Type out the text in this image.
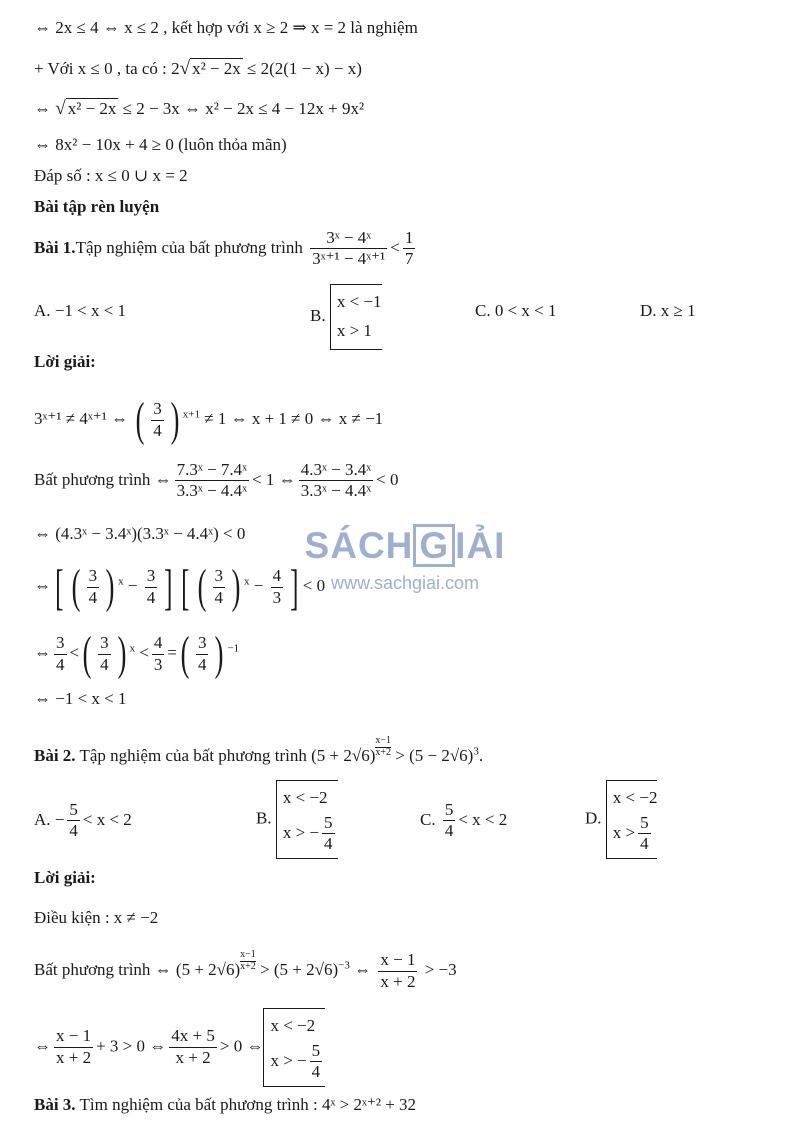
⇔ 2x ≤ 4 ⇔ x ≤ 2 , kết hợp với x ≥ 2 ⇒ x = 2 là nghiệm
+ Với x ≤ 0 , ta có : 2√ x² − 2x ≤ 2(2(1 − x) − x)
⇔ √ x² − 2x ≤ 2 − 3x ⇔ x² − 2x ≤ 4 − 12x + 9x²
⇔ 8x² − 10x + 4 ≥ 0 (luôn thỏa mãn)
Đáp số : x ≤ 0 ∪ x = 2
Bài tập rèn luyện
Bài 1.Tập nghiệm của bất phương trình $\frac{\text{3ˣ − 4ˣ}}{\text{3ˣ⁺¹ − 4ˣ⁺¹}} < \frac{1}{7}$
A. −1 < x < 1	B.
x < −1
x > 1
C. 0 < x < 1	D. x ≥ 1
Lời giải:
3ˣ⁺¹ ≠ 4ˣ⁺¹ ⇔ ( $\frac{3}{4}$ ) $^{x+1}$ ≠ 1 ⇔ x + 1 ≠ 0 ⇔ x ≠ −1
Bất phương trình ⇔ $\frac{\text{7.3ˣ − 7.4ˣ}}{\text{3.3ˣ − 4.4ˣ}} < 1$ ⇔ $\frac{\text{4.3ˣ − 3.4ˣ}}{\text{3.3ˣ − 4.4ˣ}} < 0$
⇔ (4.3ˣ − 3.4ˣ)(3.3ˣ − 4.4ˣ) < 0
⇔[ ( $\frac{3}{4}$ ) $^x - \frac{3}{4}$ ] [ ( $\frac{3}{4}$ ) $^x - \frac{4}{3}$ ] < 0
⇔ $\frac{3}{4}$ <( $\frac{3}{4}$ ) $^x < \frac{4}{3}$ =( $\frac{3}{4}$ ) $^{-1}$
⇔ −1 < x < 1
Bài 2. Tập nghiệm của bất phương trình $(5 + 2√6) \frac{x-1}{x+2} > (5 - 2√6)^3$.
A. − $\frac{5}{4} < x < 2$	B.
x < −2
x > − $\frac{5}{4}$	C. $\frac{5}{4} < x < 2$	D.
x < −2
$x > \frac{5}{4}$
Lời giải:
Điều kiện : x ≠ −2
Bất phương trình ⇔ $(5 + 2√6) \frac{x-1}{x+2} > (5 + 2√6)^{-3}$ ⇔ $\frac{x - 1}{x + 2} > -3$
⇔ $\frac{x - 1}{x + 2} + 3 > 0$ ⇔ $\frac{4x + 5}{x + 2} > 0$ ⇔
x < −2
x > − $\frac{5}{4}$
Bài 3. Tìm nghiệm của bất phương trình : 4ˣ > 2ˣ⁺² + 32
SÁCH G IẢI
www.sachgiai.com
